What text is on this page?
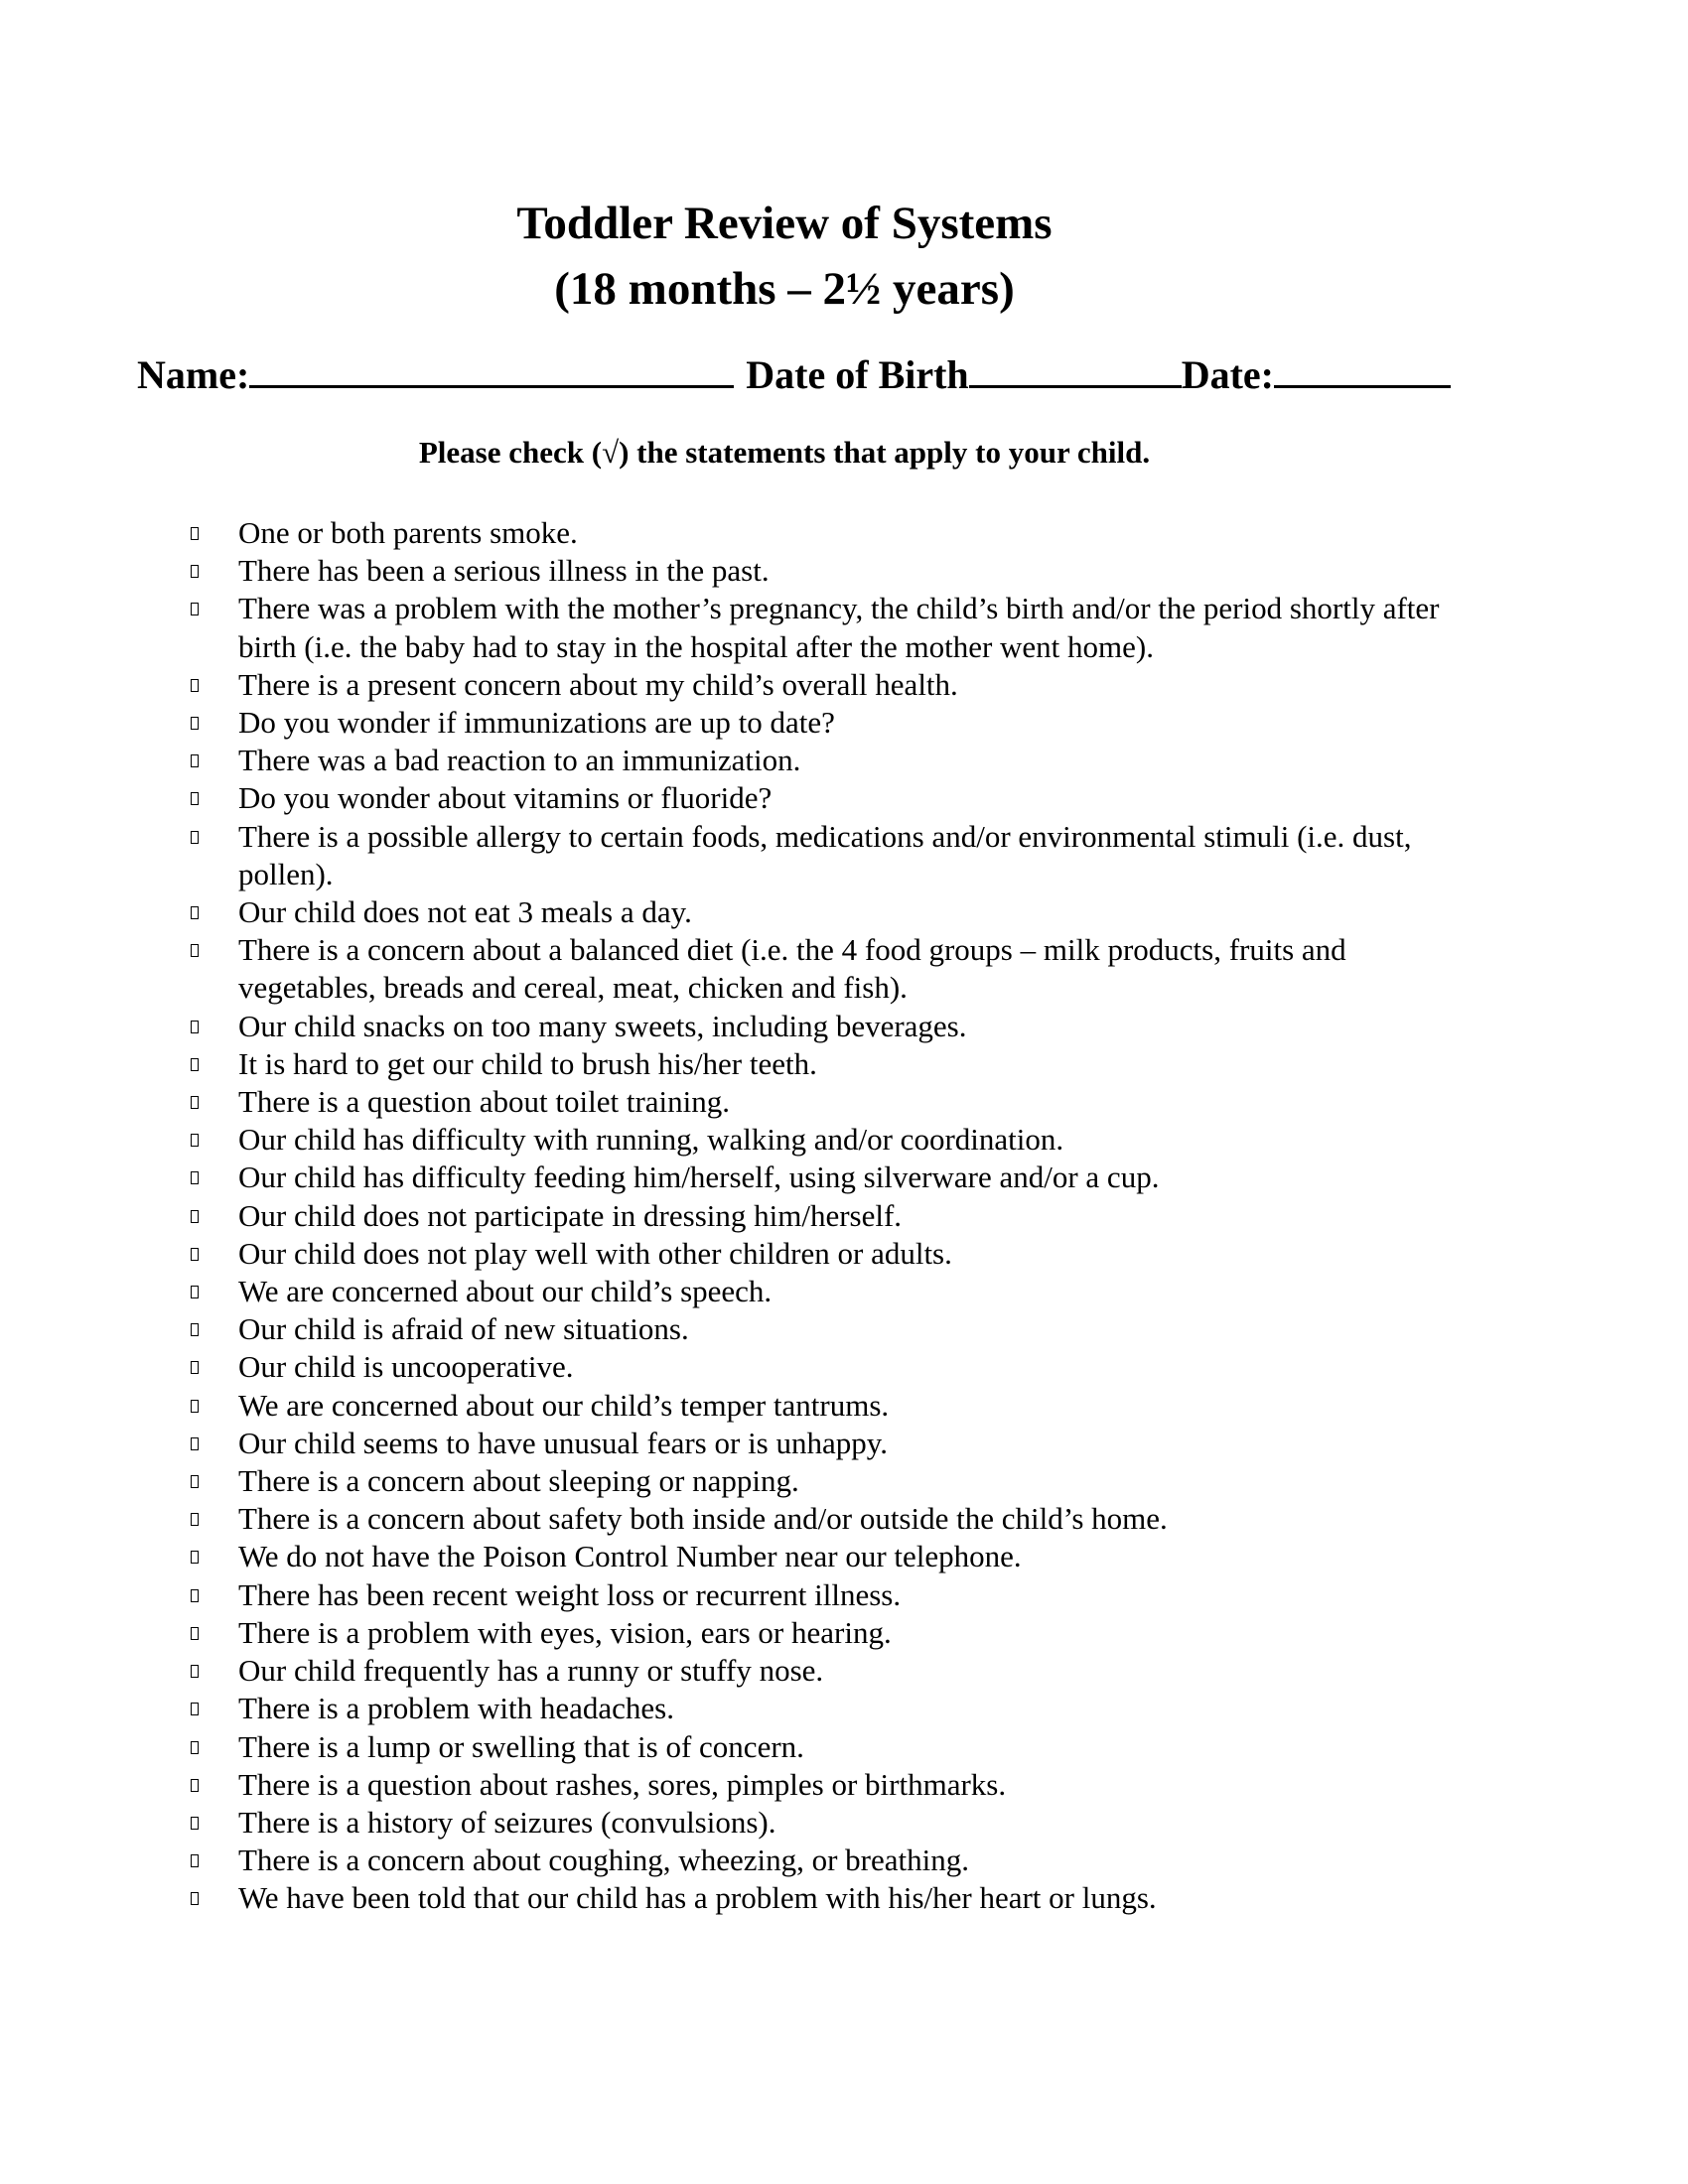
Toddler Review of Systems
(18 months – 2½ years)
Name:	Date of Birth	Date:
Please check (√) the statements that apply to your child.
One or both parents smoke.
There has been a serious illness in the past.
There was a problem with the mother’s pregnancy, the child’s birth and/or the period shortly after birth (i.e. the baby had to stay in the hospital after the mother went home).
There is a present concern about my child’s overall health.
Do you wonder if immunizations are up to date?
There was a bad reaction to an immunization.
Do you wonder about vitamins or fluoride?
There is a possible allergy to certain foods, medications and/or environmental stimuli (i.e. dust, pollen).
Our child does not eat 3 meals a day.
There is a concern about a balanced diet (i.e. the 4 food groups – milk products, fruits and vegetables, breads and cereal, meat, chicken and fish).
Our child snacks on too many sweets, including beverages.
It is hard to get our child to brush his/her teeth.
There is a question about toilet training.
Our child has difficulty with running, walking and/or coordination.
Our child has difficulty feeding him/herself, using silverware and/or a cup.
Our child does not participate in dressing him/herself.
Our child does not play well with other children or adults.
We are concerned about our child’s speech.
Our child is afraid of new situations.
Our child is uncooperative.
We are concerned about our child’s temper tantrums.
Our child seems to have unusual fears or is unhappy.
There is a concern about sleeping or napping.
There is a concern about safety both inside and/or outside the child’s home.
We do not have the Poison Control Number near our telephone.
There has been recent weight loss or recurrent illness.
There is a problem with eyes, vision, ears or hearing.
Our child frequently has a runny or stuffy nose.
There is a problem with headaches.
There is a lump or swelling that is of concern.
There is a question about rashes, sores, pimples or birthmarks.
There is a history of seizures (convulsions).
There is a concern about coughing, wheezing, or breathing.
We have been told that our child has a problem with his/her heart or lungs.
